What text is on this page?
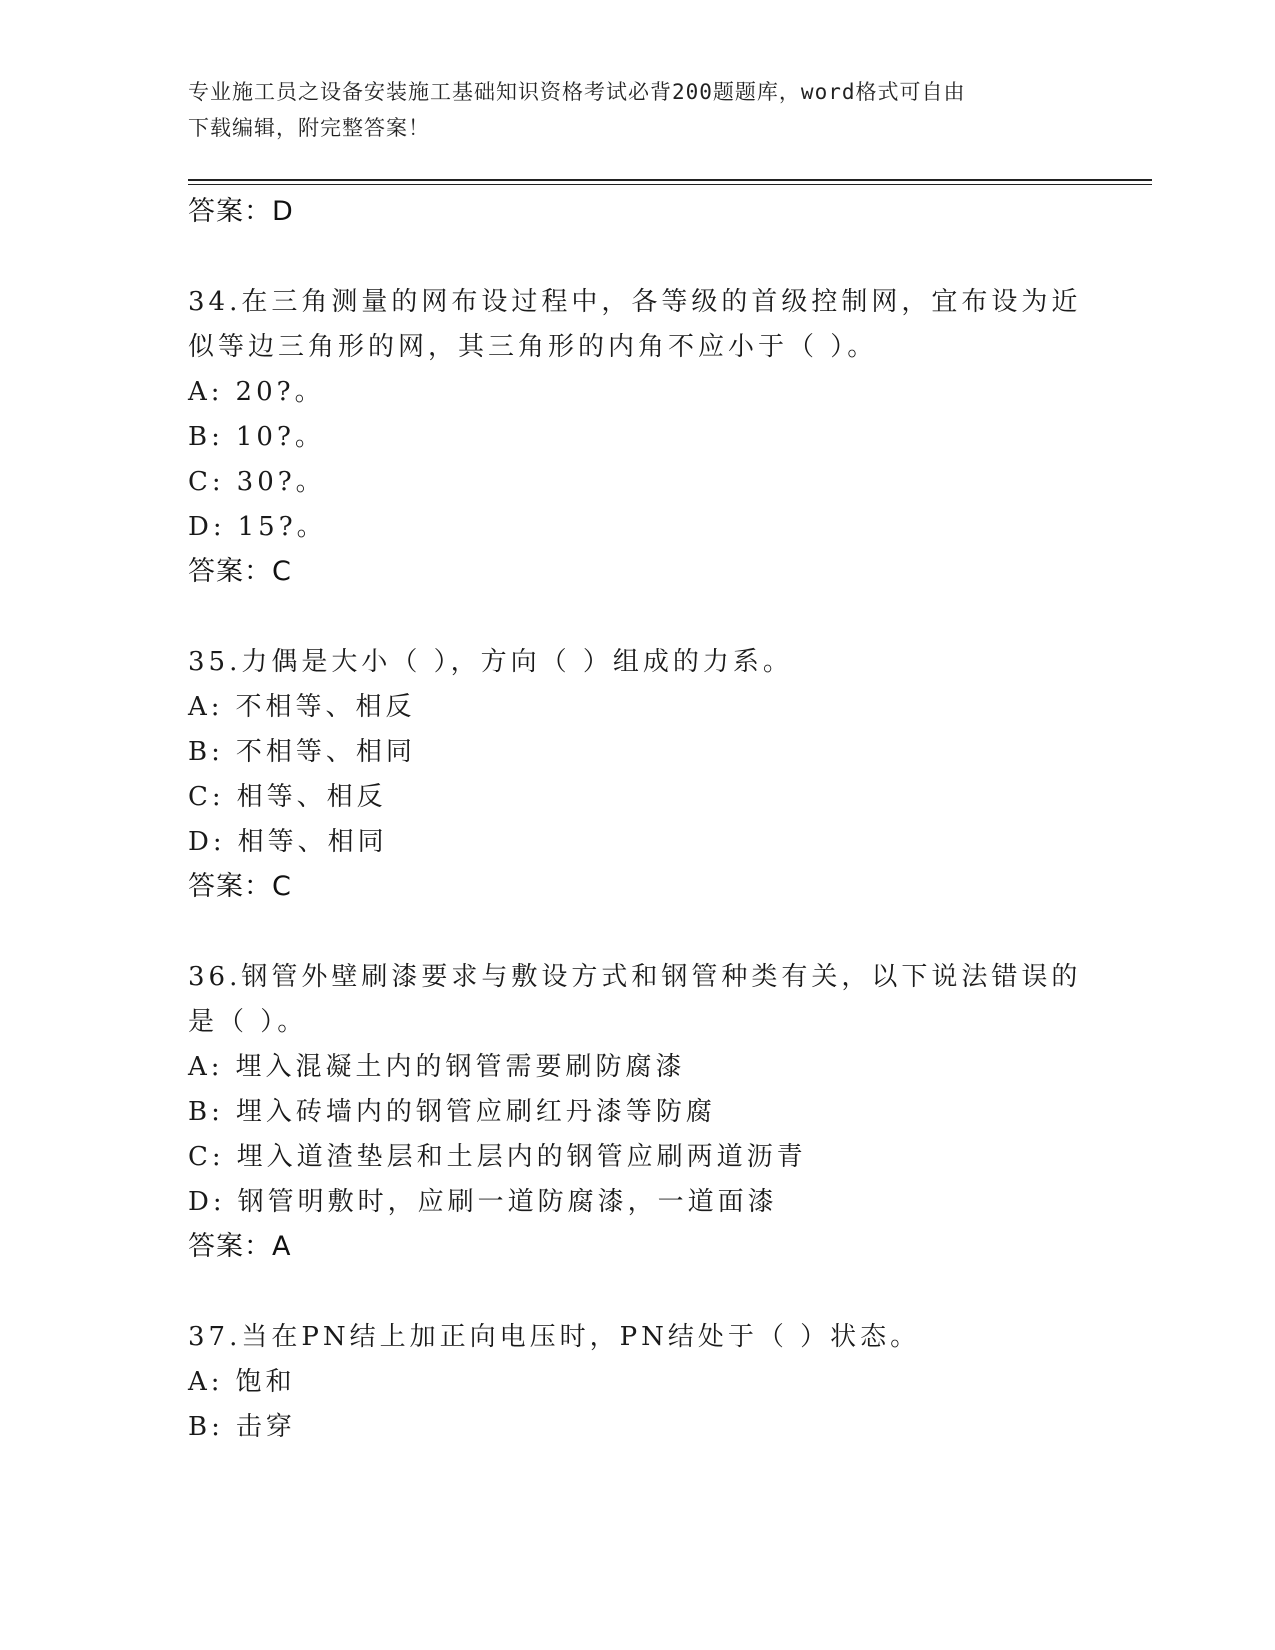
专业施工员之设备安装施工基础知识资格考试必背200题题库，word格式可自由
下载编辑，附完整答案！
答案：D
34.在三角测量的网布设过程中，各等级的首级控制网，宜布设为近似等边三角形的网，其三角形的内角不应小于（ ）。
A: 20?。
B: 10?。
C: 30?。
D: 15?。
答案：C
35.力偶是大小（ ），方向（ ）组成的力系。
A: 不相等、相反
B: 不相等、相同
C: 相等、相反
D: 相等、相同
答案：C
36.钢管外壁刷漆要求与敷设方式和钢管种类有关，以下说法错误的是（ ）。
A: 埋入混凝土内的钢管需要刷防腐漆
B: 埋入砖墙内的钢管应刷红丹漆等防腐
C: 埋入道渣垫层和土层内的钢管应刷两道沥青
D: 钢管明敷时，应刷一道防腐漆，一道面漆
答案：A
37.当在PN结上加正向电压时，PN结处于（ ）状态。
A: 饱和
B: 击穿
